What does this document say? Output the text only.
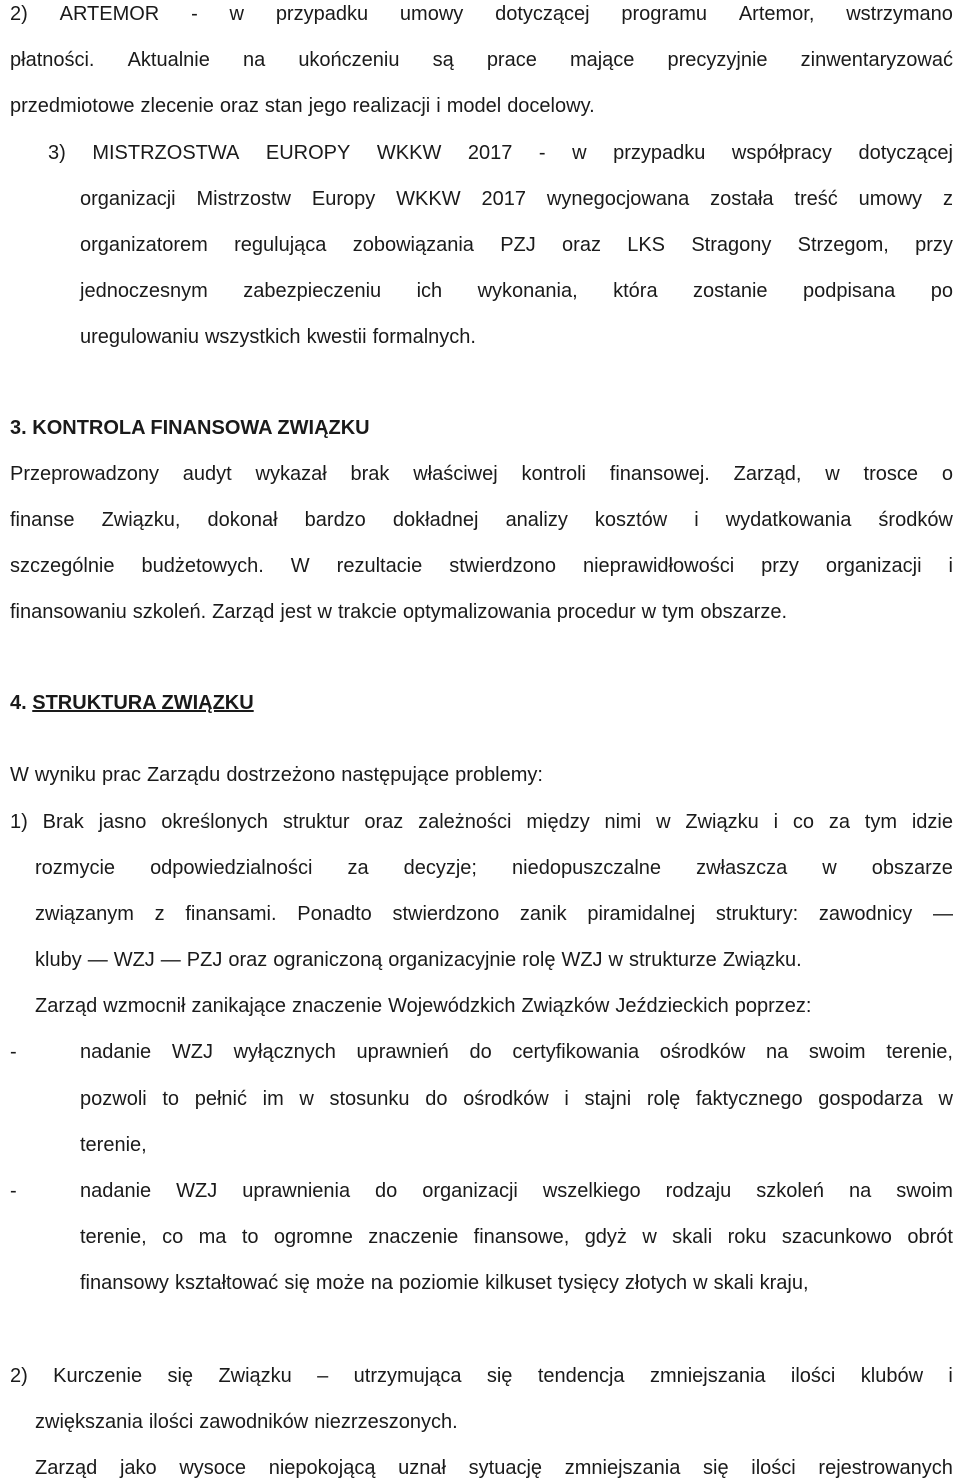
2) ARTEMOR - w przypadku umowy dotyczącej programu Artemor, wstrzymano
płatności. Aktualnie na ukończeniu są prace mające precyzyjnie zinwentaryzować
przedmiotowe zlecenie oraz stan jego realizacji i model docelowy.
3) MISTRZOSTWA EUROPY WKKW 2017 - w przypadku współpracy dotyczącej
organizacji Mistrzostw Europy WKKW 2017 wynegocjowana została treść umowy z
organizatorem regulująca zobowiązania PZJ oraz LKS Stragony Strzegom, przy
jednoczesnym zabezpieczeniu ich wykonania, która zostanie podpisana po
uregulowaniu wszystkich kwestii formalnych.
3. KONTROLA FINANSOWA ZWIĄZKU
Przeprowadzony audyt wykazał brak właściwej kontroli finansowej. Zarząd, w trosce o
finanse Związku, dokonał bardzo dokładnej analizy kosztów i wydatkowania środków
szczególnie budżetowych. W rezultacie stwierdzono nieprawidłowości przy organizacji i
finansowaniu szkoleń. Zarząd jest w trakcie optymalizowania procedur w tym obszarze.
4. STRUKTURA ZWIĄZKU
W wyniku prac Zarządu dostrzeżono następujące problemy:
1) Brak jasno określonych struktur oraz zależności między nimi w Związku i co za tym idzie
rozmycie odpowiedzialności za decyzje; niedopuszczalne zwłaszcza w obszarze
związanym z finansami. Ponadto stwierdzono zanik piramidalnej struktury: zawodnicy —
kluby — WZJ — PZJ oraz ograniczoną organizacyjnie rolę WZJ w strukturze Związku.
Zarząd wzmocnił zanikające znaczenie Wojewódzkich Związków Jeździeckich poprzez:
nadanie WZJ wyłącznych uprawnień do certyfikowania ośrodków na swoim terenie,
-
pozwoli to pełnić im w stosunku do ośrodków i stajni rolę faktycznego gospodarza w
terenie,
nadanie WZJ uprawnienia do organizacji wszelkiego rodzaju szkoleń na swoim
-
terenie, co ma to ogromne znaczenie finansowe, gdyż w skali roku szacunkowo obrót
finansowy kształtować się może na poziomie kilkuset tysięcy złotych w skali kraju,
2) Kurczenie się Związku – utrzymująca się tendencja zmniejszania ilości klubów i
zwiększania ilości zawodników niezrzeszonych.
Zarząd jako wysoce niepokojącą uznał sytuację zmniejszania się ilości rejestrowanych
